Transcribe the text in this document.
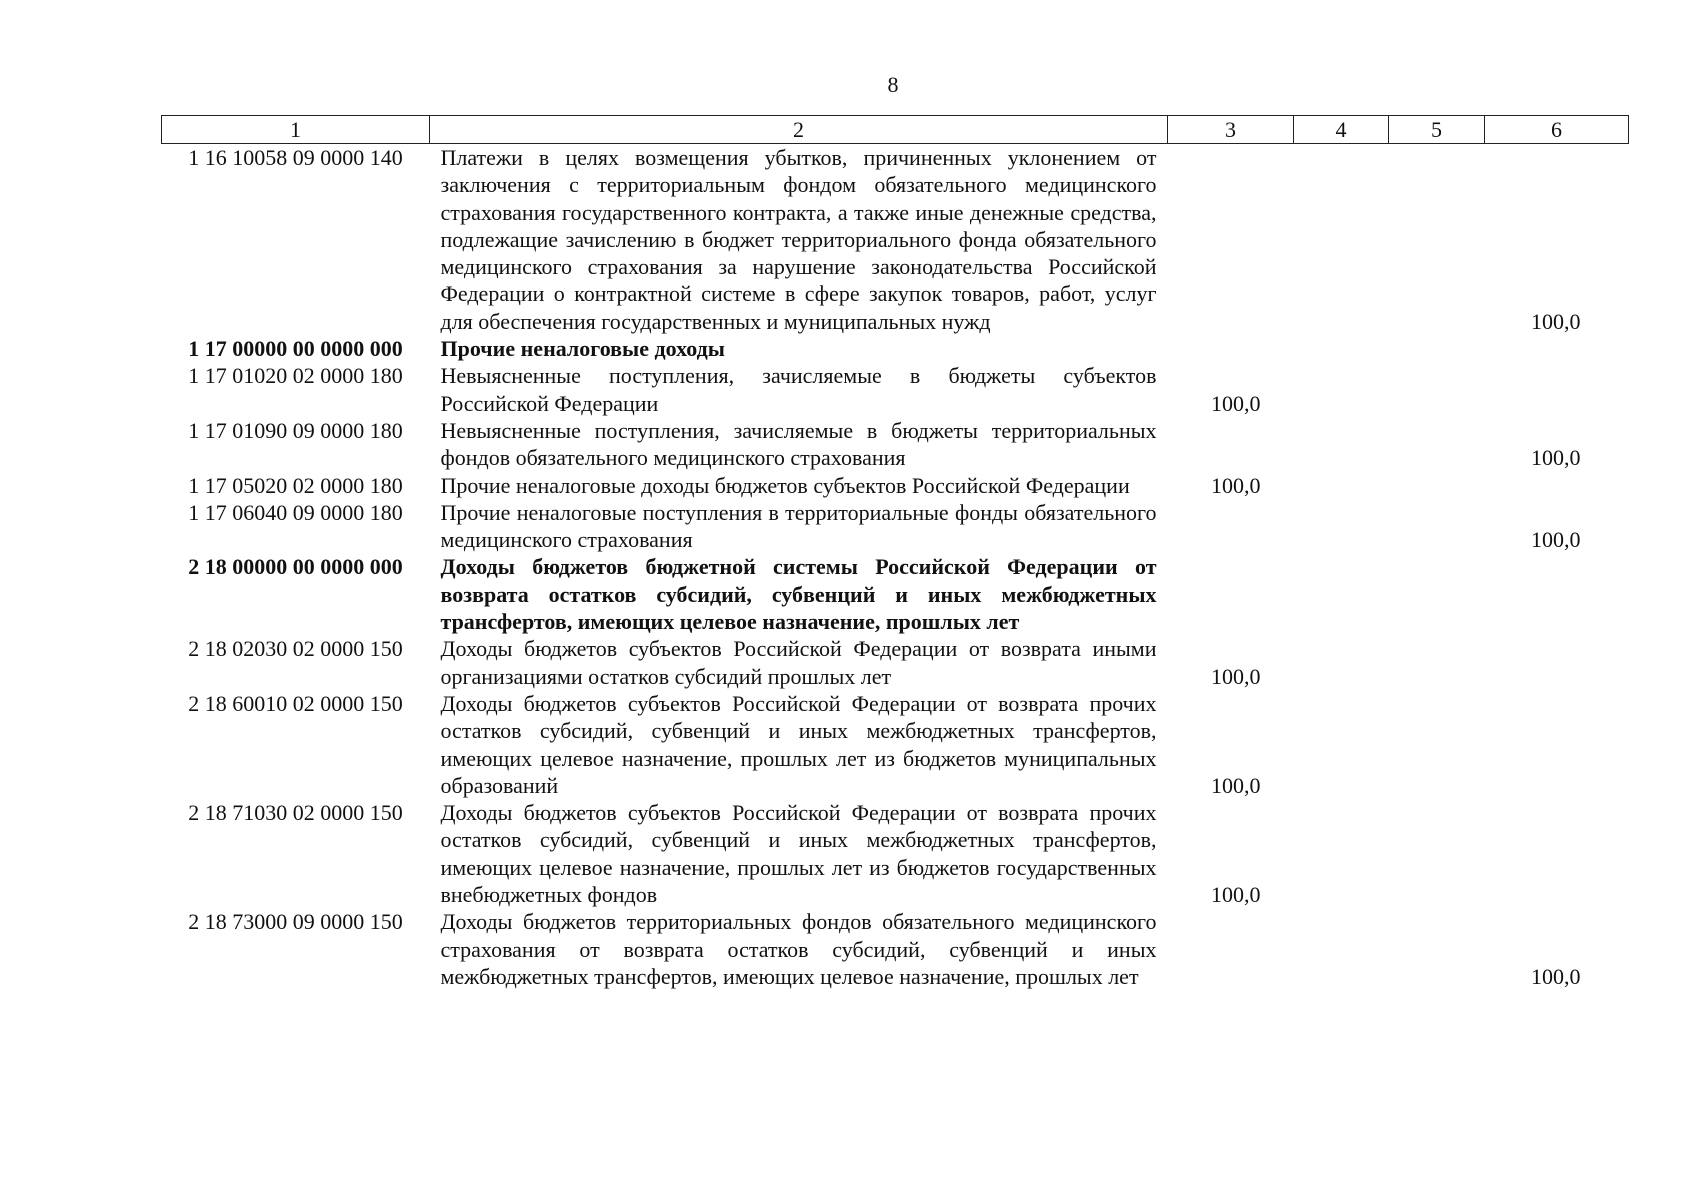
8
1	2	3	4	5	6
1 16 10058 09 0000 140	Платежи в целях возмещения убытков, причиненных уклонением от заключения с территориальным фондом обязательного медицинского страхования государственного контракта, а также иные денежные средства, подлежащие зачислению в бюджет территориального фонда обязательного медицинского страхования за нарушение законодательства Российской Федерации о контрактной системе в сфере закупок товаров, работ, услуг для обеспечения государственных и муниципальных нужд				100,0
1 17 00000 00 0000 000	Прочие неналоговые доходы				
1 17 01020 02 0000 180	Невыясненные поступления, зачисляемые в бюджеты субъектов Российской Федерации	100,0			
1 17 01090 09 0000 180	Невыясненные поступления, зачисляемые в бюджеты территориальных фондов обязательного медицинского страхования				100,0
1 17 05020 02 0000 180	Прочие неналоговые доходы бюджетов субъектов Российской Федерации	100,0			
1 17 06040 09 0000 180	Прочие неналоговые поступления в территориальные фонды обязательного медицинского страхования				100,0
2 18 00000 00 0000 000	Доходы бюджетов бюджетной системы Российской Федерации от возврата остатков субсидий, субвенций и иных межбюджетных трансфертов, имеющих целевое назначение, прошлых лет				
2 18 02030 02 0000 150	Доходы бюджетов субъектов Российской Федерации от возврата иными организациями остатков субсидий прошлых лет	100,0			
2 18 60010 02 0000 150	Доходы бюджетов субъектов Российской Федерации от возврата прочих остатков субсидий, субвенций и иных межбюджетных трансфертов, имеющих целевое назначение, прошлых лет из бюджетов муниципальных образований	100,0			
2 18 71030 02 0000 150	Доходы бюджетов субъектов Российской Федерации от возврата прочих остатков субсидий, субвенций и иных межбюджетных трансфертов, имеющих целевое назначение, прошлых лет из бюджетов государственных внебюджетных фондов	100,0			
2 18 73000 09 0000 150	Доходы бюджетов территориальных фондов обязательного медицинского страхования от возврата остатков субсидий, субвенций и иных межбюджетных трансфертов, имеющих целевое назначение, прошлых лет				100,0
